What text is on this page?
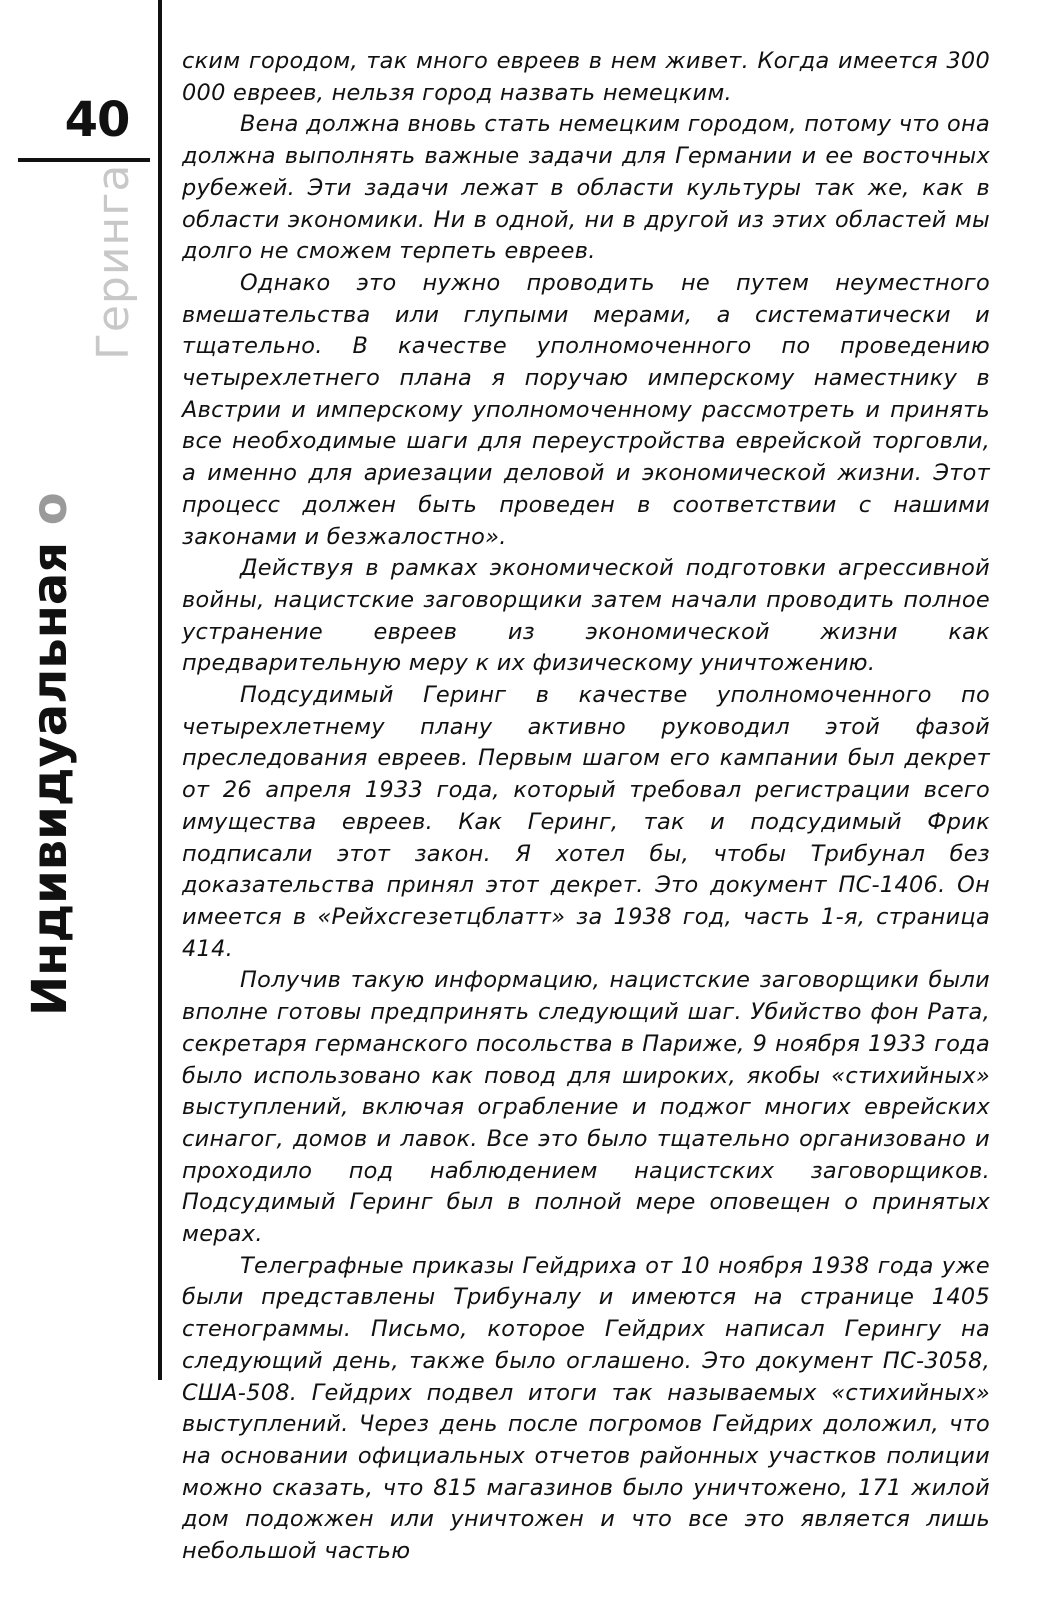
40
Индивидуальная о
Геринга

ским городом, так много евреев в нем живет. Когда имеется 300 000 евреев, нельзя город назвать немецким.

Вена должна вновь стать немецким городом, потому что она должна выполнять важные задачи для Германии и ее восточных рубежей. Эти задачи лежат в области культуры так же, как в области экономики. Ни в одной, ни в другой из этих областей мы долго не сможем терпеть евреев.

Однако это нужно проводить не путем неуместного вмешательства или глупыми мерами, а систематически и тщательно. В качестве уполномоченного по проведению четырехлетнего плана я поручаю имперскому наместнику в Австрии и имперскому уполномоченному рассмотреть и принять все необходимые шаги для переустройства еврейской торговли, а именно для ариезации деловой и экономической жизни. Этот процесс должен быть проведен в соответствии с нашими законами и безжалостно».

Действуя в рамках экономической подготовки агрессивной войны, нацистские заговорщики затем начали проводить полное устранение евреев из экономической жизни как предварительную меру к их физическому уничтожению.

Подсудимый Геринг в качестве уполномоченного по четырехлетнему плану активно руководил этой фазой преследования евреев. Первым шагом его кампании был декрет от 26 апреля 1933 года, который требовал регистрации всего имущества евреев. Как Геринг, так и подсудимый Фрик подписали этот закон. Я хотел бы, чтобы Трибунал без доказательства принял этот декрет. Это документ ПС-1406. Он имеется в «Рейхсгезетцблатт» за 1938 год, часть 1-я, страница 414.

Получив такую информацию, нацистские заговорщики были вполне готовы предпринять следующий шаг. Убийство фон Рата, секретаря германского посольства в Париже, 9 ноября 1933 года было использовано как повод для широких, якобы «стихийных» выступлений, включая ограбление и поджог многих еврейских синагог, домов и лавок. Все это было тщательно организовано и проходило под наблюдением нацистских заговорщиков. Подсудимый Геринг был в полной мере оповещен о принятых мерах.

Телеграфные приказы Гейдриха от 10 ноября 1938 года уже были представлены Трибуналу и имеются на странице 1405 стенограммы. Письмо, которое Гейдрих написал Герингу на следующий день, также было оглашено. Это документ ПС-3058, США-508. Гейдрих подвел итоги так называемых «стихийных» выступлений. Через день после погромов Гейдрих доложил, что на основании официальных отчетов районных участков полиции можно сказать, что 815 магазинов было уничтожено, 171 жилой дом подожжен или уничтожен и что все это является лишь небольшой частью
